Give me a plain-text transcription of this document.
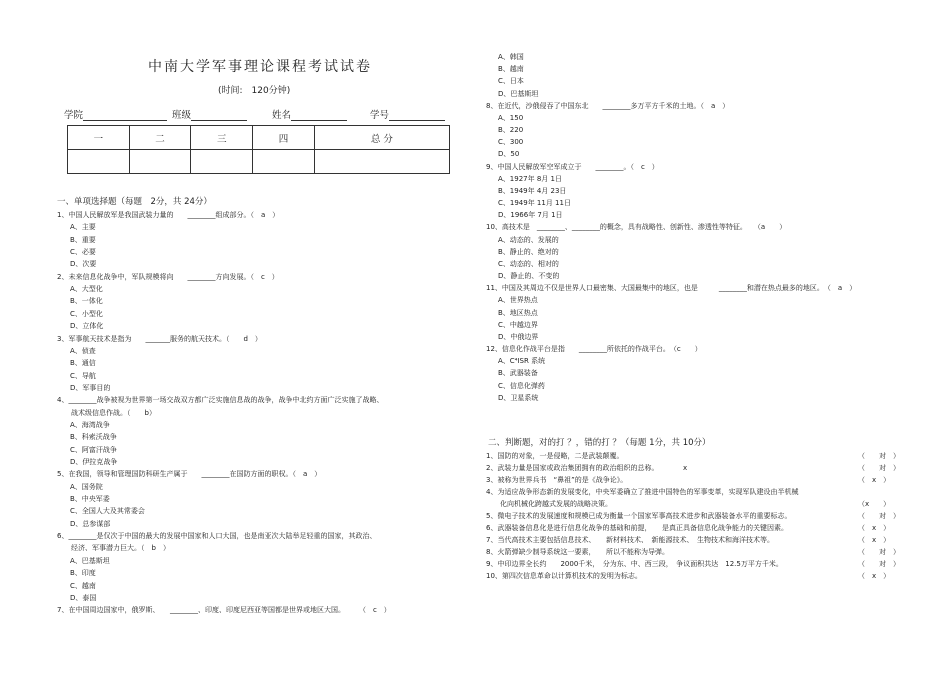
中南大学军事理论课程考试试卷
(时间:　120分钟)
学院	班级	姓名	学号
一	二	三	四	总 分

一、单项选择题（每题　2分，共 24分）
1、中国人民解放军是我国武装力量的　　________组成部分。（　a　）
A、主要
B、重要
C、必要
D、次要
2、未来信息化战争中，军队规模将向　　________方向发展。（　c　）
A、大型化
B、一体化
C、小型化
D、立体化
3、军事航天技术是指为　　_______服务的航天技术。（　　d　）
A、侦查
B、通信
C、导航
D、军事目的
4、________战争被视为世界第一场交战双方都广泛实施信息战的战争，战争中北约方面广泛实施了战略、
　　战术级信息作战。（　　b）
A、海湾战争
B、科索沃战争
C、阿富汗战争
D、伊拉克战争
5、在我国，领导和管理国防科研生产属于　　________在国防方面的职权。（　a　）
A、国务院
B、中央军委
C、全国人大及其常委会
D、总参谋部
6、________是仅次于中国的最大的发展中国家和人口大国，也是南亚次大陆举足轻重的国家，其政治、
　　经济、军事潜力巨大。（　b　）
A、巴基斯坦
B、印度
C、越南
D、泰国
7、在中国周边国家中，俄罗斯、　　________、印度、印度尼西亚等国都是世界或地区大国。　　　（　c　）
A、韩国
B、越南
C、日本
D、巴基斯坦
8、在近代，沙俄侵吞了中国东北　　________多万平方千米的土地。（　a　）
A、150
B、220
C、300
D、50
9、中国人民解放军空军成立于　　________。（　c　）
A、1927年 8月 1日
B、1949年 4月 23日
C、1949年 11月 11日
D、1966年 7月 1日
10、高技术是　________、________的概念，具有战略性、创新性、渗透性等特征。　　（a　　）
A、动态的、发展的
B、静止的、绝对的
C、动态的、相对的
D、静止的、不变的
11、中国及其周边不仅是世界人口最密集、大国最集中的地区，也是　　　________和潜在热点最多的地区。　（　a　）
A、世界热点
B、地区热点
C、中越边界
D、中俄边界
12、信息化作战平台是指　　________所依托的作战平台。　（c　　）
A、C⁴ISR 系统
B、武器装备
C、信息化弹药
D、卫星系统
二、判断题，对的打 ？，错的打 ？（每题 1分，共 10分）
1、国防的对象，一是侵略，二是武装颠覆。	（　　对　）
2、武装力量是国家或政治集团拥有的政治组织的总称。　　　　x	（　　对　）
3、被称为世界兵书　“鼻祖”的是《战争论》。	（　x　）
4、为适应战争形态新的发展变化，中央军委确立了推进中国特色的军事变革，实现军队建设由半机械
　　化向机械化跨越式发展的战略决策。	（x　　）
5、微电子技术的发展速度和规模已成为衡量一个国家军事高技术进步和武器装备水平的重要标志。	（　　对　）
6、武器装备信息化是进行信息化战争的基础和前提，　　是真正具备信息化战争能力的关键因素。	（　x　）
7、当代高技术主要包括信息技术、　　新材料技术、　新能源技术、　生物技术和海洋技术等。	（　x　）
8、火箭弹缺少制导系统这一要素，　　所以不能称为导弹。	（　　对　）
9、中印边界全长约　　2000千米，　分为东、中、西三段，　争议面积共达　12.5万平方千米。	（　　对　）
10、第四次信息革命以计算机技术的发明为标志。	（　x　）
